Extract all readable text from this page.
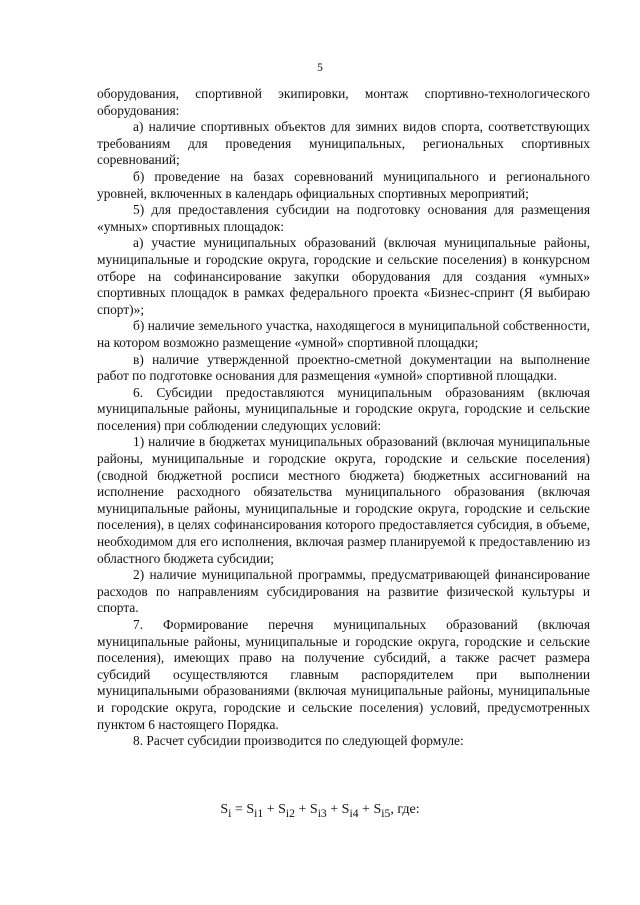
5

оборудования, спортивной экипировки, монтаж спортивно-технологического оборудования:

а) наличие спортивных объектов для зимних видов спорта, соответствующих требованиям для проведения муниципальных, региональных спортивных соревнований;

б) проведение на базах соревнований муниципального и регионального уровней, включенных в календарь официальных спортивных мероприятий;

5) для предоставления субсидии на подготовку основания для размещения «умных» спортивных площадок:

а) участие муниципальных образований (включая муниципальные районы, муниципальные и городские округа, городские и сельские поселения) в конкурсном отборе на софинансирование закупки оборудования для создания «умных» спортивных площадок в рамках федерального проекта «Бизнес-спринт (Я выбираю спорт)»;

б) наличие земельного участка, находящегося в муниципальной собственности, на котором возможно размещение «умной» спортивной площадки;

в) наличие утвержденной проектно-сметной документации на выполнение работ по подготовке основания для размещения «умной» спортивной площадки.

6. Субсидии предоставляются муниципальным образованиям (включая муниципальные районы, муниципальные и городские округа, городские и сельские поселения) при соблюдении следующих условий:

1) наличие в бюджетах муниципальных образований (включая муниципальные районы, муниципальные и городские округа, городские и сельские поселения) (сводной бюджетной росписи местного бюджета) бюджетных ассигнований на исполнение расходного обязательства муниципального образования (включая муниципальные районы, муниципальные и городские округа, городские и сельские поселения), в целях софинансирования которого предоставляется субсидия, в объеме, необходимом для его исполнения, включая размер планируемой к предоставлению из областного бюджета субсидии;

2) наличие муниципальной программы, предусматривающей финансирование расходов по направлениям субсидирования на развитие физической культуры и спорта.

7. Формирование перечня муниципальных образований (включая муниципальные районы, муниципальные и городские округа, городские и сельские поселения), имеющих право на получение субсидий, а также расчет размера субсидий осуществляются главным распорядителем при выполнении муниципальными образованиями (включая муниципальные районы, муниципальные и городские округа, городские и сельские поселения) условий, предусмотренных пунктом 6 настоящего Порядка.

8. Расчет субсидии производится по следующей формуле:

$S_i = S_{i1} + S_{i2} + S_{i3} + S_{i4} + S_{i5}$, где:
